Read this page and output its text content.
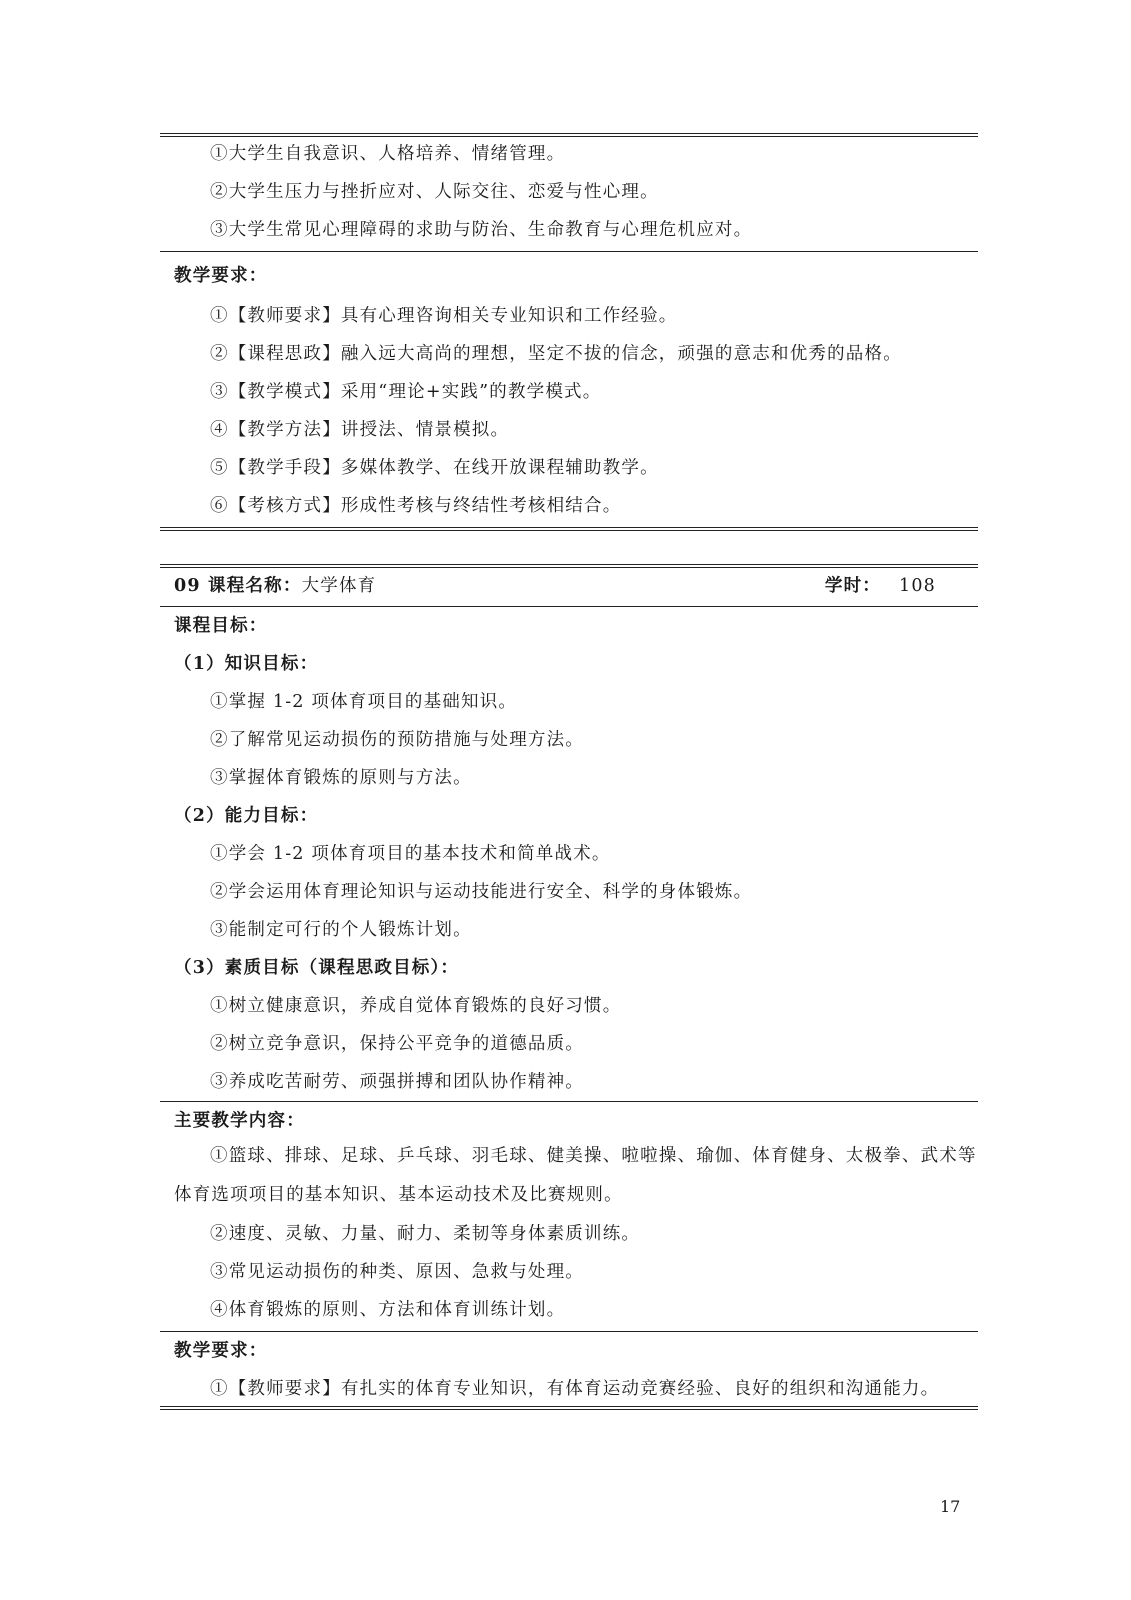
①大学生自我意识、人格培养、情绪管理。
②大学生压力与挫折应对、人际交往、恋爱与性心理。
③大学生常见心理障碍的求助与防治、生命教育与心理危机应对。
教学要求：
①【教师要求】具有心理咨询相关专业知识和工作经验。
②【课程思政】融入远大高尚的理想，坚定不拔的信念，顽强的意志和优秀的品格。
③【教学模式】采用“理论+实践”的教学模式。
④【教学方法】讲授法、情景模拟。
⑤【教学手段】多媒体教学、在线开放课程辅助教学。
⑥【考核方式】形成性考核与终结性考核相结合。
09 课程名称：大学体育	学时： 108
课程目标：
（1）知识目标：
①掌握 1-2 项体育项目的基础知识。
②了解常见运动损伤的预防措施与处理方法。
③掌握体育锻炼的原则与方法。
（2）能力目标：
①学会 1-2 项体育项目的基本技术和简单战术。
②学会运用体育理论知识与运动技能进行安全、科学的身体锻炼。
③能制定可行的个人锻炼计划。
（3）素质目标（课程思政目标）：
①树立健康意识，养成自觉体育锻炼的良好习惯。
②树立竞争意识，保持公平竞争的道德品质。
③养成吃苦耐劳、顽强拼搏和团队协作精神。
主要教学内容：
①篮球、排球、足球、乒乓球、羽毛球、健美操、啦啦操、瑜伽、体育健身、太极拳、武术等体育选项项目的基本知识、基本运动技术及比赛规则。
②速度、灵敏、力量、耐力、柔韧等身体素质训练。
③常见运动损伤的种类、原因、急救与处理。
④体育锻炼的原则、方法和体育训练计划。
教学要求：
①【教师要求】有扎实的体育专业知识，有体育运动竞赛经验、良好的组织和沟通能力。
17
